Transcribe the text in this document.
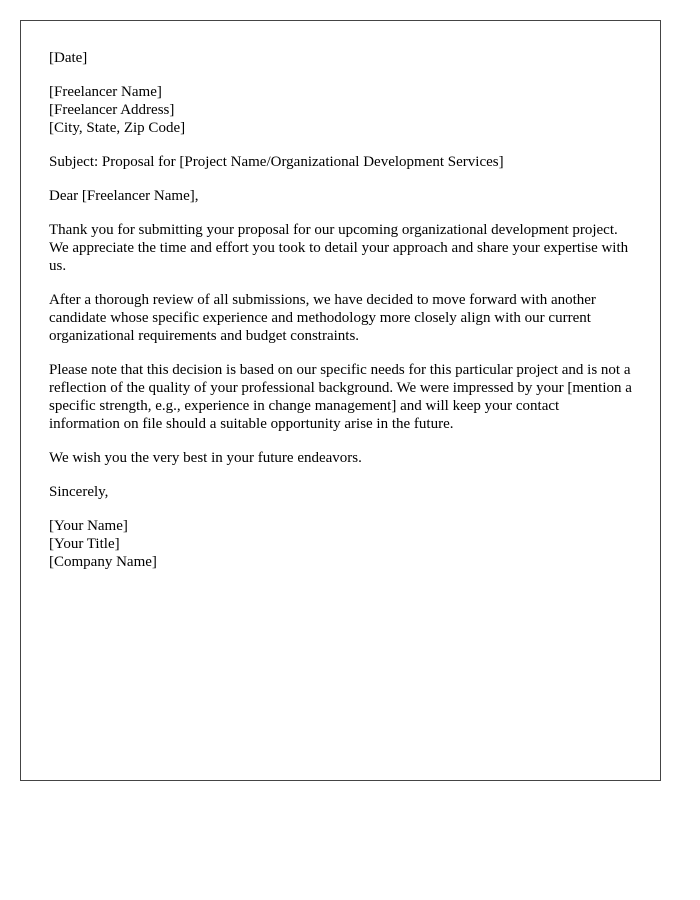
[Date]

[Freelancer Name]
[Freelancer Address]
[City, State, Zip Code]

Subject: Proposal for [Project Name/Organizational Development Services]

Dear [Freelancer Name],

Thank you for submitting your proposal for our upcoming organizational development project. We appreciate the time and effort you took to detail your approach and share your expertise with us.

After a thorough review of all submissions, we have decided to move forward with another candidate whose specific experience and methodology more closely align with our current organizational requirements and budget constraints.

Please note that this decision is based on our specific needs for this particular project and is not a reflection of the quality of your professional background. We were impressed by your [mention a specific strength, e.g., experience in change management] and will keep your contact information on file should a suitable opportunity arise in the future.

We wish you the very best in your future endeavors.

Sincerely,

[Your Name]
[Your Title]
[Company Name]
